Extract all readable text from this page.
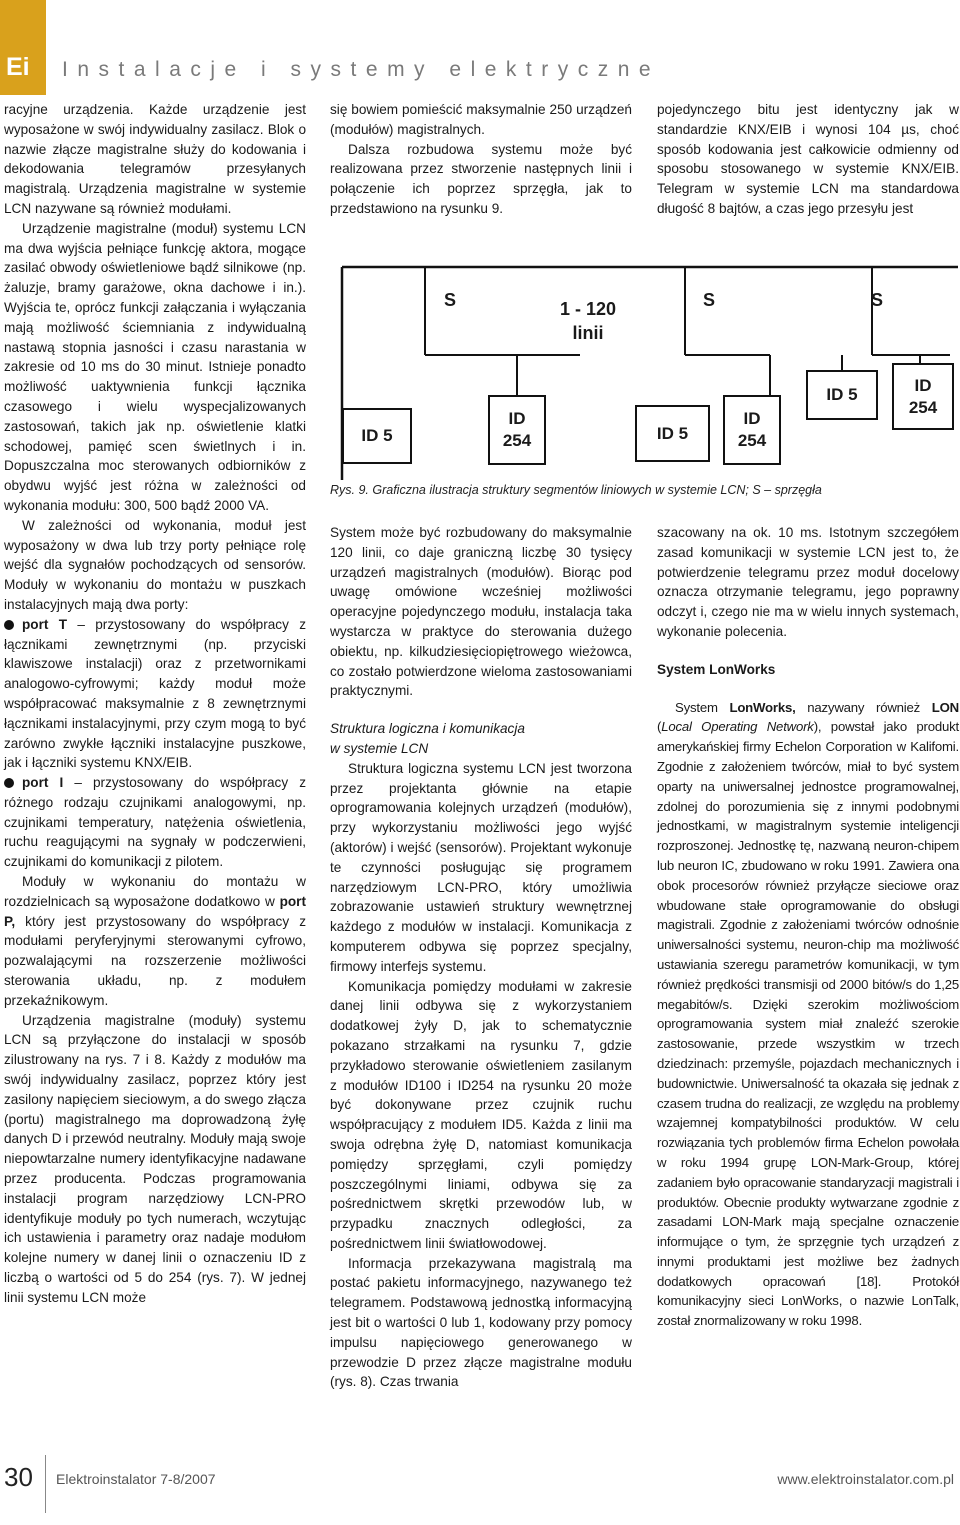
Ei Instalacje i systemy elektryczne

racyjne urządzenia. Każde urządzenie jest wyposażone w swój indywidualny zasilacz. Blok o nazwie złącze magistralne służy do kodowania i dekodowania telegramów przesyłanych magistralą. Urządzenia magistralne w systemie LCN nazywane są również modułami.

Urządzenie magistralne (moduł) systemu LCN ma dwa wyjścia pełniące funkcję aktora, mogące zasilać obwody oświetleniowe bądź silnikowe (np. żaluzje, bramy garażowe, okna dachowe i in.). Wyjścia te, oprócz funkcji załączania i wyłączania mają możliwość ściemniania z indywidualną nastawą stopnia jasności i czasu narastania w zakresie od 10 ms do 30 minut. Istnieje ponadto możliwość uaktywnienia funkcji łącznika czasowego i wielu wyspecjalizowanych zastosowań, takich jak np. oświetlenie klatki schodowej, pamięć scen świetlnych i in. Dopuszczalna moc sterowanych odbiorników z obydwu wyjść jest różna w zależności od wykonania modułu: 300, 500 bądź 2000 VA.

W zależności od wykonania, moduł jest wyposażony w dwa lub trzy porty pełniące rolę wejść dla sygnałów pochodzących od sensorów. Moduły w wykonaniu do montażu w puszkach instalacyjnych mają dwa porty:

port T – przystosowany do współpracy z łącznikami zewnętrznymi (np. przyciski klawiszowe instalacji) oraz z przetwornikami analogowo-cyfrowymi; każdy moduł może współpracować maksymalnie z 8 zewnętrznymi łącznikami instalacyjnymi, przy czym mogą to być zarówno zwykłe łączniki instalacyjne puszkowe, jak i łączniki systemu KNX/EIB.

port I – przystosowany do współpracy z różnego rodzaju czujnikami analogowymi, np. czujnikami temperatury, natężenia oświetlenia, ruchu reagującymi na sygnały w podczerwieni, czujnikami do komunikacji z pilotem.

Moduły w wykonaniu do montażu w rozdzielnicach są wyposażone dodatkowo w port P, który jest przystosowany do współpracy z modułami peryferyjnymi sterowanymi cyfrowo, pozwalającymi na rozszerzenie możliwości sterowania układu, np. z modułem przekaźnikowym.

Urządzenia magistralne (moduły) systemu LCN są przyłączone do instalacji w sposób zilustrowany na rys. 7 i 8. Każdy z modułów ma swój indywidualny zasilacz, poprzez który jest zasilony napięciem sieciowym, a do swego złącza (portu) magistralnego ma doprowadzoną żyłę danych D i przewód neutralny. Moduły mają swoje niepowtarzalne numery identyfikacyjne nadawane przez producenta. Podczas programowania instalacji program narzędziowy LCN-PRO identyfikuje moduły po tych numerach, wczytując ich ustawienia i parametry oraz nadaje modułom kolejne numery w danej linii o oznaczeniu ID z liczbą o wartości od 5 do 254 (rys. 7). W jednej linii systemu LCN może

się bowiem pomieścić maksymalnie 250 urządzeń (modułów) magistralnych.

Dalsza rozbudowa systemu może być realizowana przez stworzenie następnych linii i połączenie ich poprzez sprzęgła, jak to przedstawiono na rysunku 9.

pojedynczego bitu jest identyczny jak w standardzie KNX/EIB i wynosi 104 µs, choć sposób kodowania jest całkowicie odmienny od sposobu stosowanego w systemie KNX/EIB. Telegram w systemie LCN ma standardowa długość 8 bajtów, a czas jego przesyłu jest

S	S	S
1 - 120
linii
ID 5
ID
254	ID 5
ID
254
ID 5	ID
254
Rys. 9. Graficzna ilustracja struktury segmentów liniowych w systemie LCN; S – sprzęgła

System może być rozbudowany do maksymalnie 120 linii, co daje graniczną liczbę 30 tysięcy urządzeń magistralnych (modułów). Biorąc pod uwagę omówione wcześniej możliwości operacyjne pojedynczego modułu, instalacja taka wystarcza w praktyce do sterowania dużego obiektu, np. kilkudziesięciopiętrowego wieżowca, co zostało potwierdzone wieloma zastosowaniami praktycznymi.

Struktura logiczna i komunikacja
w systemie LCN

Struktura logiczna systemu LCN jest tworzona przez projektanta głównie na etapie oprogramowania kolejnych urządzeń (modułów), przy wykorzystaniu możliwości jego wyjść (aktorów) i wejść (sensorów). Projektant wykonuje te czynności posługując się programem narzędziowym LCN-PRO, który umożliwia zobrazowanie ustawień struktury wewnętrznej każdego z modułów w instalacji. Komunikacja z komputerem odbywa się poprzez specjalny, firmowy interfejs systemu.

Komunikacja pomiędzy modułami w zakresie danej linii odbywa się z wykorzystaniem dodatkowej żyły D, jak to schematycznie pokazano strzałkami na rysunku 7, gdzie przykładowo sterowanie oświetleniem zasilanym z modułów ID100 i ID254 na rysunku 20 może być dokonywane przez czujnik ruchu współpracujący z modułem ID5. Każda z linii ma swoja odrębna żyłę D, natomiast komunikacja pomiędzy sprzęgłami, czyli pomiędzy poszczególnymi liniami, odbywa się za pośrednictwem skrętki przewodów lub, w przypadku znacznych odległości, za pośrednictwem linii światłowodowej.

Informacja przekazywana magistralą ma postać pakietu informacyjnego, nazywanego też telegramem. Podstawową jednostką informacyjną jest bit o wartości 0 lub 1, kodowany przy pomocy impulsu napięciowego generowanego w przewodzie D przez złącze magistralne modułu (rys. 8). Czas trwania

szacowany na ok. 10 ms. Istotnym szczegółem zasad komunikacji w systemie LCN jest to, że potwierdzenie telegramu przez moduł docelowy oznacza otrzymanie telegramu, jego poprawny odczyt i, czego nie ma w wielu innych systemach, wykonanie polecenia.

System LonWorks

System LonWorks, nazywany również LON (Local Operating Network), powstał jako produkt amerykańskiej firmy Echelon Corporation w Kalifomi. Zgodnie z założeniem twórców, miał to być system oparty na uniwersalnej jednostce programowalnej, zdolnej do porozumienia się z innymi podobnymi jednostkami, w magistralnym systemie inteligencji rozproszonej. Jednostkę tę, nazwaną neuron-chipem lub neuron IC, zbudowano w roku 1991. Zawiera ona obok procesorów również przyłącze sieciowe oraz wbudowane stałe oprogramowanie do obsługi magistrali. Zgodnie z założeniami twórców odnośnie uniwersalności systemu, neuron-chip ma możliwość ustawiania szeregu parametrów komunikacji, w tym również prędkości transmisji od 2000 bitów/s do 1,25 megabitów/s. Dzięki szerokim możliwościom oprogramowania system miał znaleźć szerokie zastosowanie, przede wszystkim w trzech dziedzinach: przemyśle, pojazdach mechanicznych i budownictwie. Uniwersalność ta okazała się jednak z czasem trudna do realizacji, ze względu na problemy wzajemnej kompatybilności produktów. W celu rozwiązania tych problemów firma Echelon powołała w roku 1994 grupę LON-Mark-Group, której zadaniem było opracowanie standaryzacji magistrali i produktów. Obecnie produkty wytwarzane zgodnie z zasadami LON-Mark mają specjalne oznaczenie informujące o tym, że sprzęgnie tych urządzeń z innymi produktami jest możliwe bez żadnych dodatkowych opracowań [18]. Protokół komunikacyjny sieci LonWorks, o nazwie LonTalk, został znormalizowany w roku 1998.

30 Elektroinstalator 7-8/2007	www.elektroinstalator.com.pl
